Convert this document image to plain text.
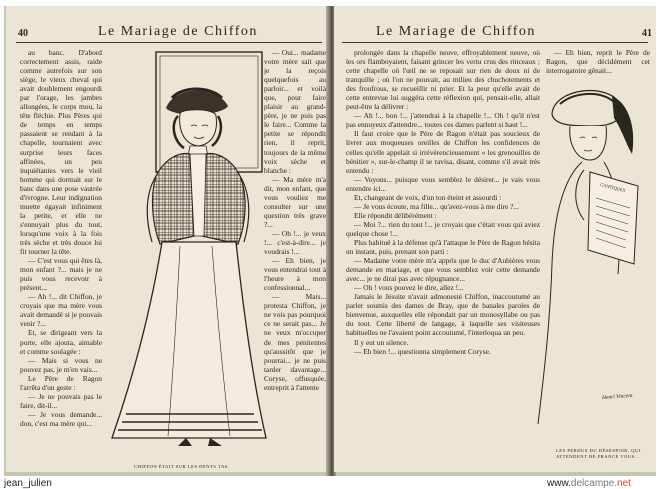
40	Le Mariage de Chiffon

au banc. D'abord correctement assis, raide comme autrefois sur son siège, le vieux cheval qui avait doublement engourdi par l'orage, les jambes allongées, le corps mou, la tête fléchie. Plus Pères qui de temps en temps passaient se rendant à la chapelle, tournaient avec surprise leurs faces affinées, un peu inquiétantes vers le vieil homme qui dormait sur le banc dans une pose vautrée d'ivrogne. Leur indignation muette égayait infiniment la petite, et elle ne s'ennuyait plus du tout, lorsqu'une voix à la fois très sèche et très douce lui fit tourner la tête.

— C'est vous qui êtes là, mon enfant ?... mais je ne puis vous recevoir à présent...

— Ah !... dit Chiffon, je croyais que ma mère vous avait demandé si je pouvais venir ?...

Et, se dirigeant vers la porte, elle ajouta, aimable et comme soulagée :

— Mais si vous ne pouvez pas, je m'en vais...

Le Père de Ragon l'arrêta d'un geste :

— Je ne pouvais pas le faire, dit-il...

— Je vous demande... don, c'est ma mère qui...

— Oui... madame votre mère sait que je la reçois quelquefois au parloir... et voilà que, pour faire plaisir au grand-père, je ne puis pas le faire... Comme la petite se répondit rien, il reprit, toujours de la même voix sèche et blanche :

— Ma mère m'a dit, mon enfant, que vous vouliez me consulter sur une question très grave ?...

— Oh !... je veux !... c'est-à-dire... je voudrais !...

— Eh bien, je vous entendrai tout à l'heure à mon confessionnal...

— Mais... protesta Chiffon, je ne vois pas pourquoi ce ne serait pas... Je ne veux m'occuper de mes pénitentes qu'aussitôt que je pourrai... je ne puis tarder davantage... Coryse, offusquée, entreprit à l'attente

CHIFFON ÉTAIT SUR LES DENTS TAS.
Le Mariage de Chiffon	41

prolongée dans la chapelle neuve, effroyablement neuve, où les ors flamboyaient, faisant grincer les vertu crus des rinceaux ; cette chapelle où l'œil ne se reposait sur rien de doux ni de tranquille ; où l'on ne pouvait, au milieu des chuchotements et des froufrous, se recueillir ni prier. Et la peur qu'elle avait de cette entrevue lui suggéra cette réflexion qui, pensait-elle, allait peut-être la délivrer :

— Ah !... bon !... j'attendrai à la chapelle !... Oh ! qu'il n'est pas ennuyeux d'attendre... toutes ces dames parlent si haut !...

Il faut croire que le Père de Ragon n'était pas soucieux de livrer aux moqueuses oreilles de Chiffon les confidences de celles qu'elle appelait si irrévérencieusement « les grenouilles de bénitier », sur-le-champ il se ravisa, disant, comme s'il avait très entendu :

— Voyons... puisque vous semblez le désirer... je vais vous entendre ici...

Et, changeant de voix, d'un ton éteint et assourdi :

— Je vous écoute, ma fille... qu'avez-vous à me dire ?...

Elle répondit délibérément :

— Moi ?... rien du tout !... je croyais que c'était vous qui aviez quelque chose !...

Plus habitué à la défense qu'à l'attaque le Père de Ragon hésita un instant, puis, prenant son parti :

— Madame votre mère m'a appris que le duc d'Aubières vous demande en mariage, et que vous semblez voir cette demande avec... je ne dirai pas avec répugnance...

— Oh ! vous pouvez le dire, allez !...

Jamais le Jésuite n'avait admonesté Chiffon, inaccoutumé au parler soumis des dames de Bray, que de banales paroles de bienvenue, auxquelles elle répondait par un monosyllabe ou pas du tout. Cette liberté de langage, à laquelle ses visiteuses habituelles ne l'avaient point accoutumé, l'interloqua un peu.

Il y eut un silence.

— Eh bien !... questionna simplement Coryse.

— Eh bien, reprit le Père de Ragon, que décidément cet interrogatoire gênait...

CANTIQUES
Henri Vincent
LES PERDUS DU DÉSESPOIR, QUI ATTENDENT DE FRANCE VOUS...
jean_julien	www.delcampe.net
